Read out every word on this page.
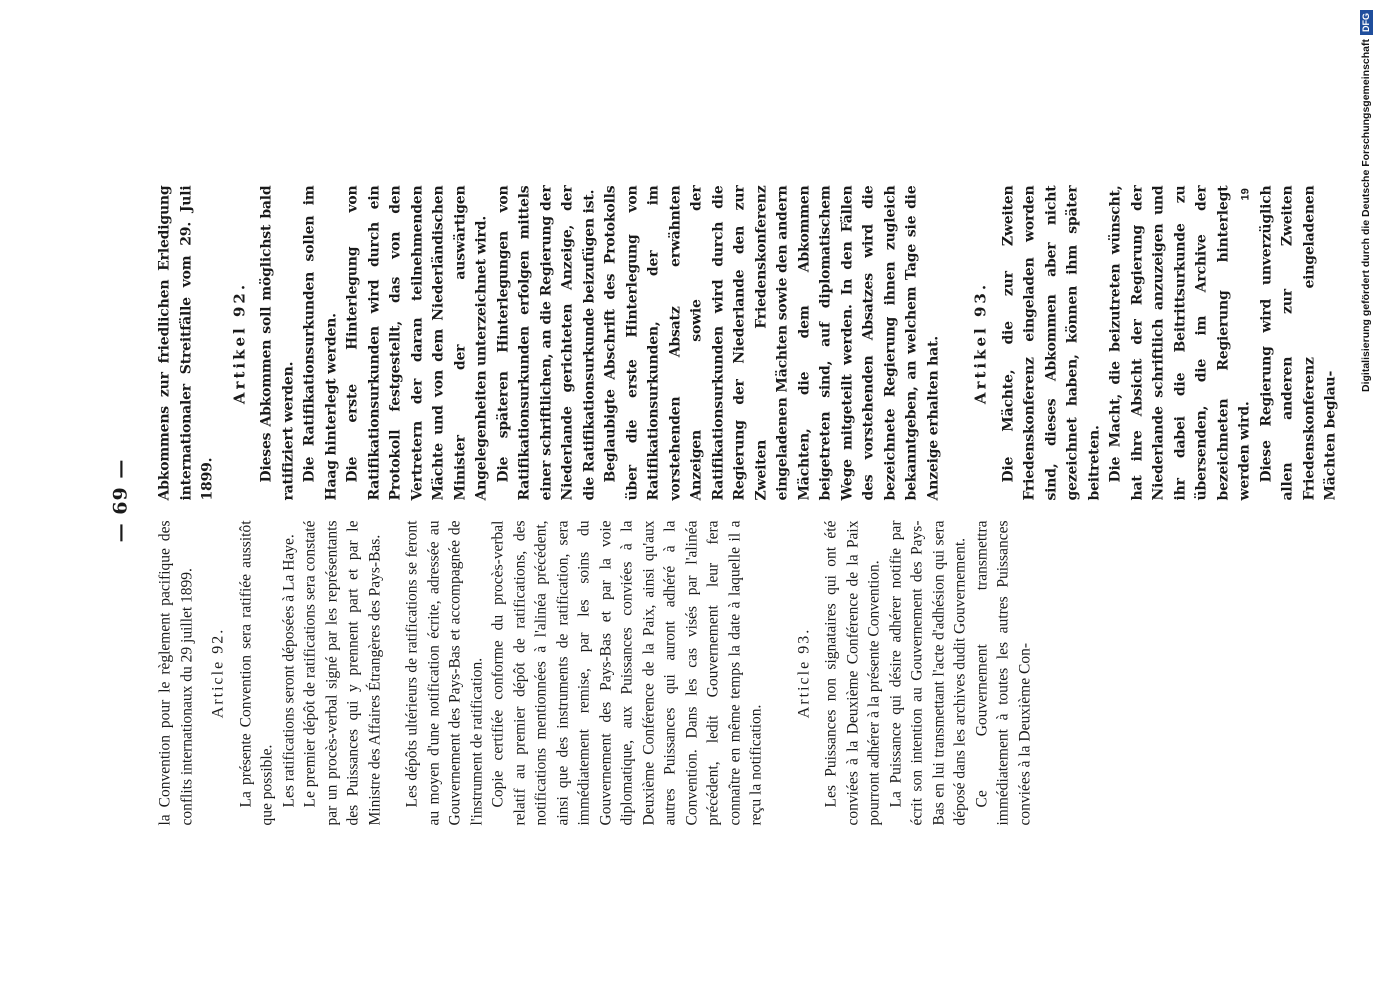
— 69 —

la Convention pour le règlement pacifique des conflits internationaux du 29 juillet 1899. Article 92. La présente Convention sera ratifiée aussitôt que possible. Les ratifications seront déposées à La Haye. Le premier dépôt de ratifications sera constaté par un procès-verbal signé par les représentants des Puissances qui y prennent part et par le Ministre des Affaires Étrangères des Pays-Bas. Les dépôts ultérieurs de ratifications se feront au moyen d'une notification écrite, adressée au Gouvernement des Pays-Bas et accompagnée de l'instrument de ratification. Copie certifiée conforme du procès-verbal relatif au premier dépôt de ratifications, des notifications mentionnées à l'alinéa précédent, ainsi que des instruments de ratification, sera immédiatement remise, par les soins du Gouvernement des Pays-Bas et par la voie diplomatique, aux Puissances conviées à la Deuxième Conférence de la Paix, ainsi qu'aux autres Puissances qui auront adhéré à la Convention. Dans les cas visés par l'alinéa précédent, ledit Gouvernement leur fera connaître en même temps la date à laquelle il a reçu la notification.

Article 93. Les Puissances non signataires qui ont été conviées à la Deuxième Conférence de la Paix pourront adhérer à la présente Convention. La Puissance qui désire adhérer notifie par écrit son intention au Gouvernement des Pays-Bas en lui transmettant l'acte d'adhésion qui sera déposé dans les archives dudit Gouvernement. Ce Gouvernement transmettra immédiatement à toutes les autres Puissances conviées à la Deuxième Con-

Abkommens zur friedlichen Erledigung internationaler Streitfälle vom 29. Juli 1899.

Artikel 92. Dieses Abkommen soll möglichst bald ratifiziert werden. Die Ratifikationsurkunden sollen im Haag hinterlegt werden. Die erste Hinterlegung von Ratifikationsurkunden wird durch ein Protokoll festgestellt, das von den Vertretern der daran teilnehmenden Mächte und von dem Niederländischen Minister der auswärtigen Angelegenheiten unterzeichnet wird. Die späteren Hinterlegungen von Ratifikationsurkunden erfolgen mittels einer schriftlichen, an die Regierung der Niederlande gerichteten Anzeige, der die Ratifikationsurkunde beizufügen ist. Beglaubigte Abschrift des Protokolls über die erste Hinterlegung von Ratifikationsurkunden, der im vorstehenden Absatz erwähnten Anzeigen sowie der Ratifikationsurkunden wird durch die Regierung der Niederlande den zur Zweiten Friedenskonferenz eingeladenen Mächten sowie den andern Mächten, die dem Abkommen beigetreten sind, auf diplomatischem Wege mitgeteilt werden. In den Fällen des vorstehenden Absatzes wird die bezeichnete Regierung ihnen zugleich bekanntgeben, an welchem Tage sie die Anzeige erhalten hat. Artikel 93. Die Mächte, die zur Zweiten Friedenskonferenz eingeladen worden sind, dieses Abkommen aber nicht gezeichnet haben, können ihm später beitreten. Die Macht, die beizutreten wünscht, hat ihre Absicht der Regierung der Niederlande schriftlich anzuzeigen und ihr dabei die Beitrittsurkunde zu übersenden, die im Archive der bezeichneten Regierung hinterlegt werden wird. Diese Regierung wird unverzüglich allen anderen zur Zweiten Friedenskonferenz eingeladenen Mächten beglau-

19	Digitalisierung gefördert durch die Deutsche Forschungsgemeinschaft
DFG
